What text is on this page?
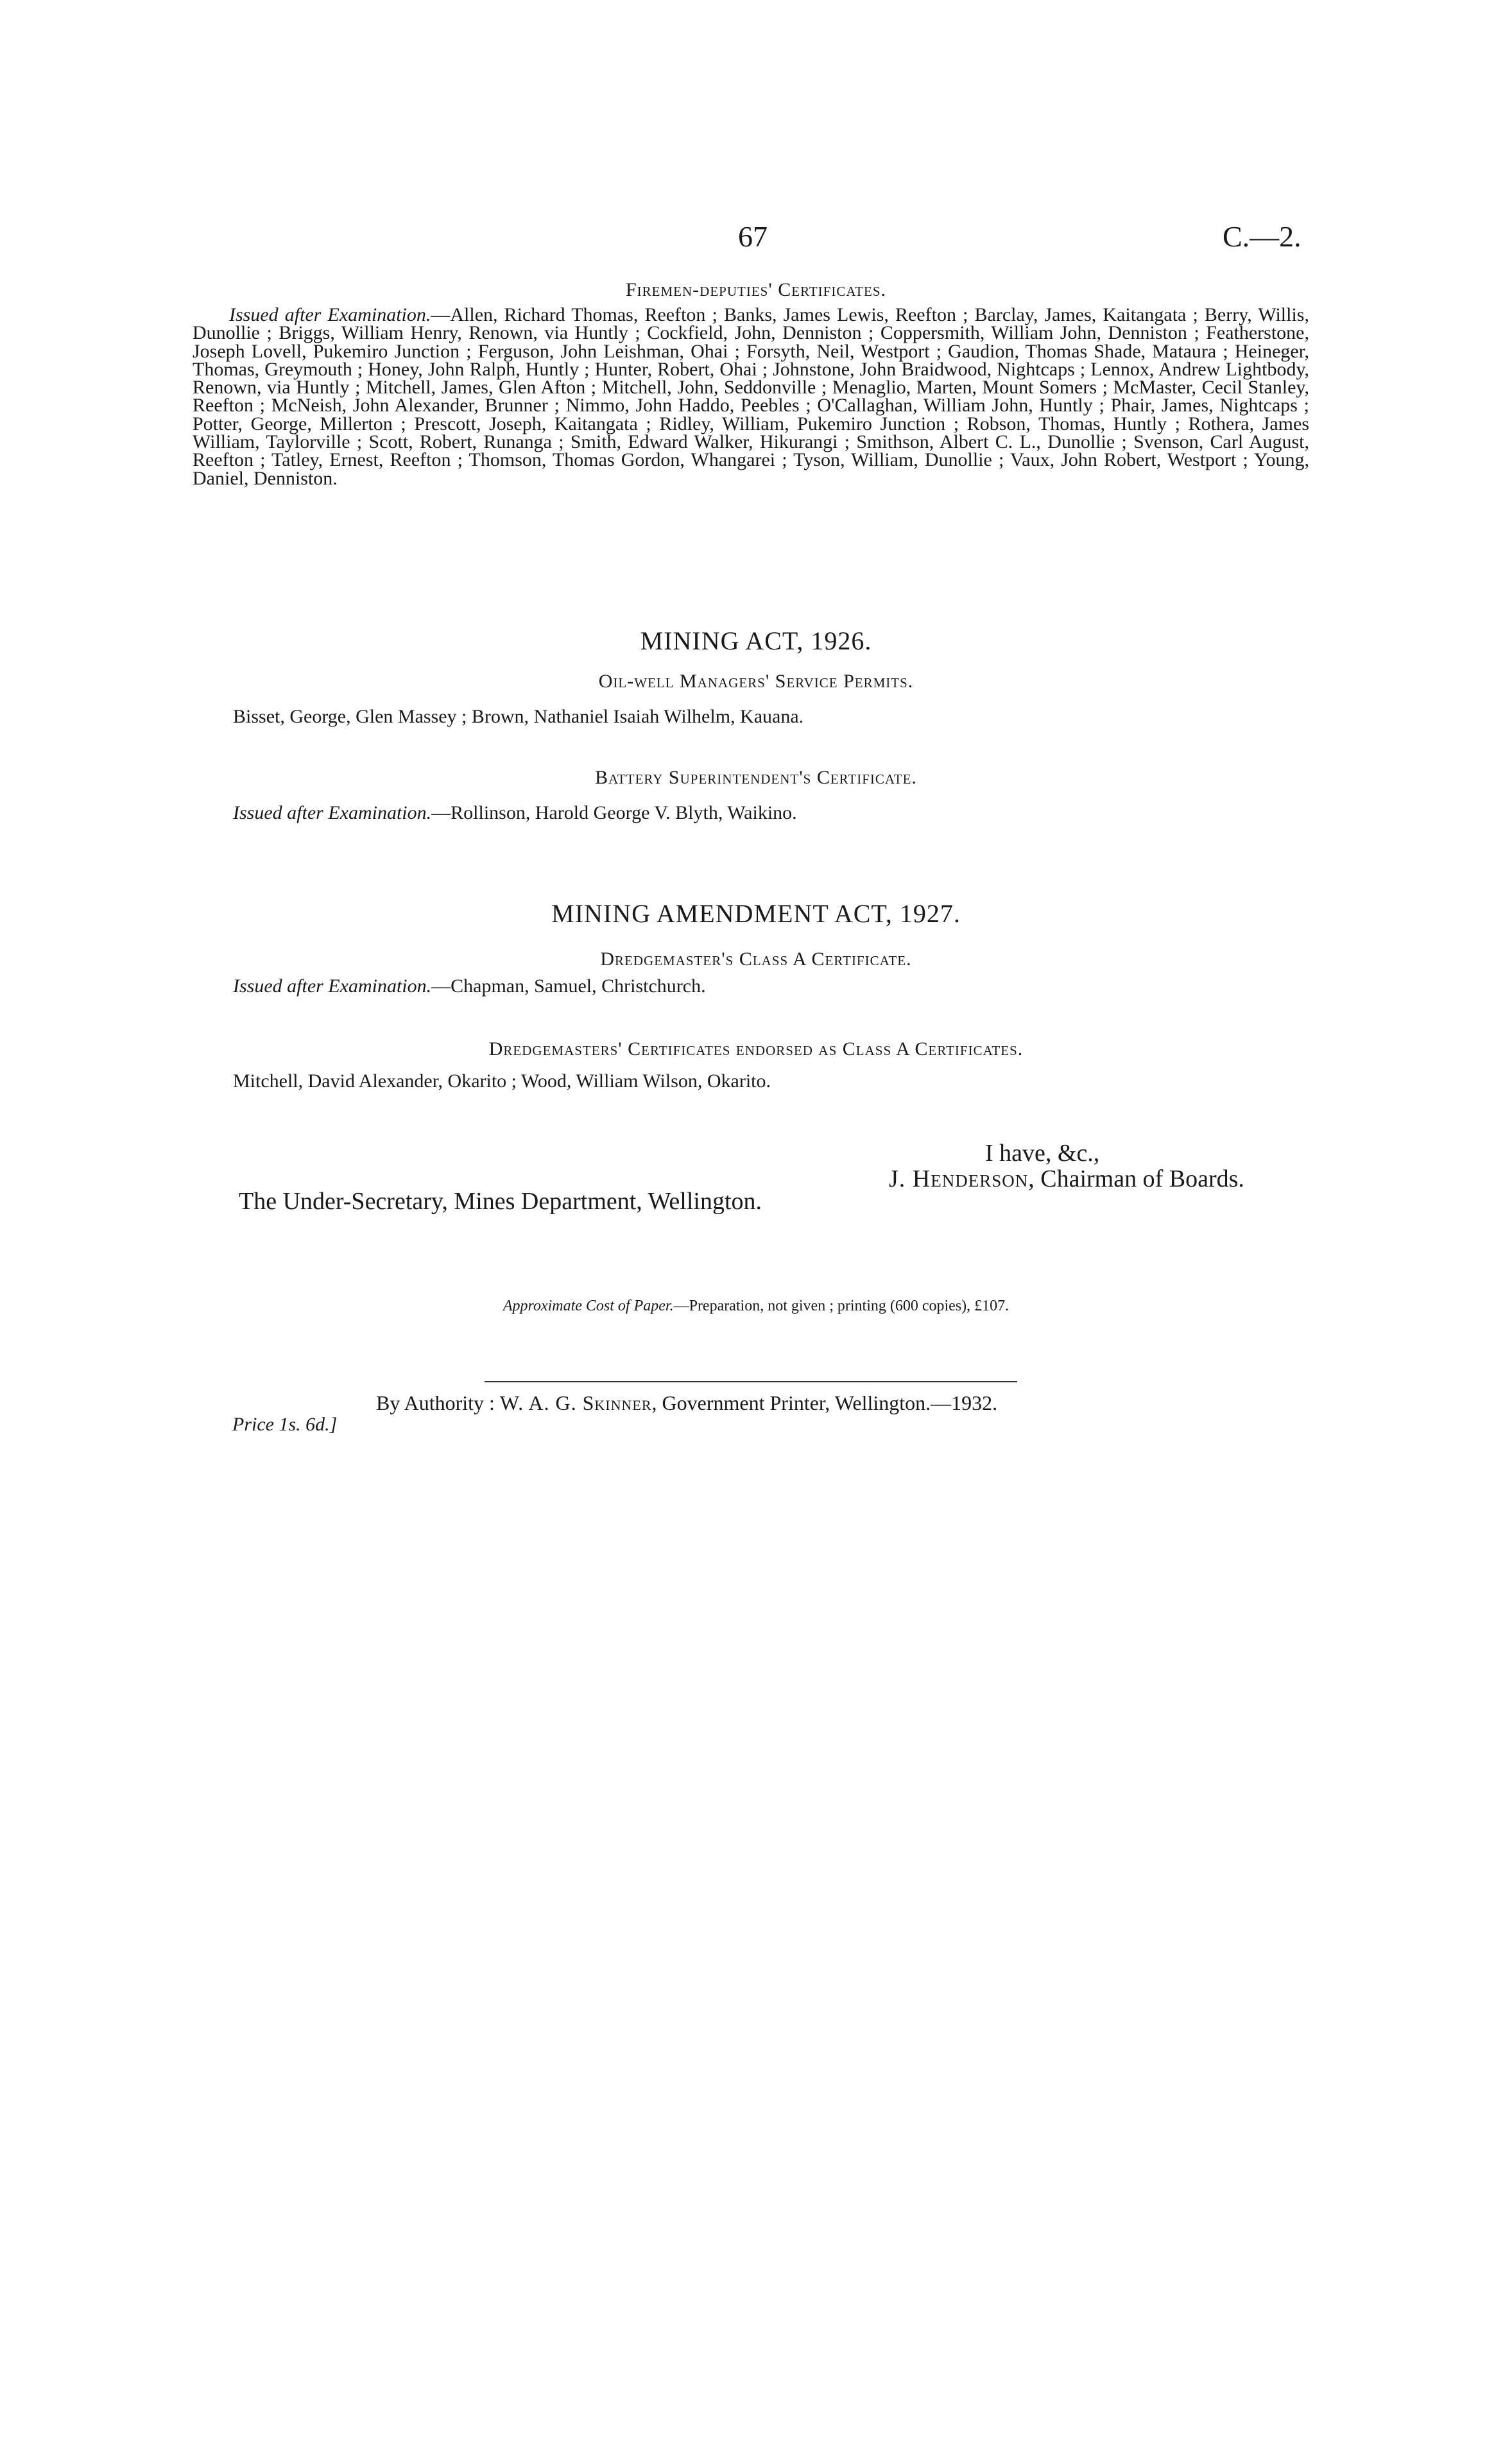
67	C.—2.
Firemen-deputies' Certificates.
Issued after Examination.—Allen, Richard Thomas, Reefton ; Banks, James Lewis, Reefton ; Barclay, James, Kaitangata ; Berry, Willis, Dunollie ; Briggs, William Henry, Renown, via Huntly ; Cockfield, John, Denniston ; Coppersmith, William John, Denniston ; Featherstone, Joseph Lovell, Pukemiro Junction ; Ferguson, John Leishman, Ohai ; Forsyth, Neil, Westport ; Gaudion, Thomas Shade, Mataura ; Heineger, Thomas, Greymouth ; Honey, John Ralph, Huntly ; Hunter, Robert, Ohai ; Johnstone, John Braidwood, Nightcaps ; Lennox, Andrew Lightbody, Renown, via Huntly ; Mitchell, James, Glen Afton ; Mitchell, John, Seddonville ; Menaglio, Marten, Mount Somers ; McMaster, Cecil Stanley, Reefton ; McNeish, John Alexander, Brunner ; Nimmo, John Haddo, Peebles ; O'Callaghan, William John, Huntly ; Phair, James, Nightcaps ; Potter, George, Millerton ; Prescott, Joseph, Kaitangata ; Ridley, William, Pukemiro Junction ; Robson, Thomas, Huntly ; Rothera, James William, Taylorville ; Scott, Robert, Runanga ; Smith, Edward Walker, Hikurangi ; Smithson, Albert C. L., Dunollie ; Svenson, Carl August, Reefton ; Tatley, Ernest, Reefton ; Thomson, Thomas Gordon, Whangarei ; Tyson, William, Dunollie ; Vaux, John Robert, Westport ; Young, Daniel, Denniston.
MINING ACT, 1926.
Oil-well Managers' Service Permits.
Bisset, George, Glen Massey ; Brown, Nathaniel Isaiah Wilhelm, Kauana.
Battery Superintendent's Certificate.
Issued after Examination.—Rollinson, Harold George V. Blyth, Waikino.
MINING AMENDMENT ACT, 1927.
Dredgemaster's Class A Certificate.
Issued after Examination.—Chapman, Samuel, Christchurch.
Dredgemasters' Certificates endorsed as Class A Certificates.
Mitchell, David Alexander, Okarito ; Wood, William Wilson, Okarito.
I have, &c.,
J. Henderson, Chairman of Boards.
The Under-Secretary, Mines Department, Wellington.
Approximate Cost of Paper.—Preparation, not given ; printing (600 copies), £107.
By Authority : W. A. G. Skinner, Government Printer, Wellington.—1932.
Price 1s. 6d.]
